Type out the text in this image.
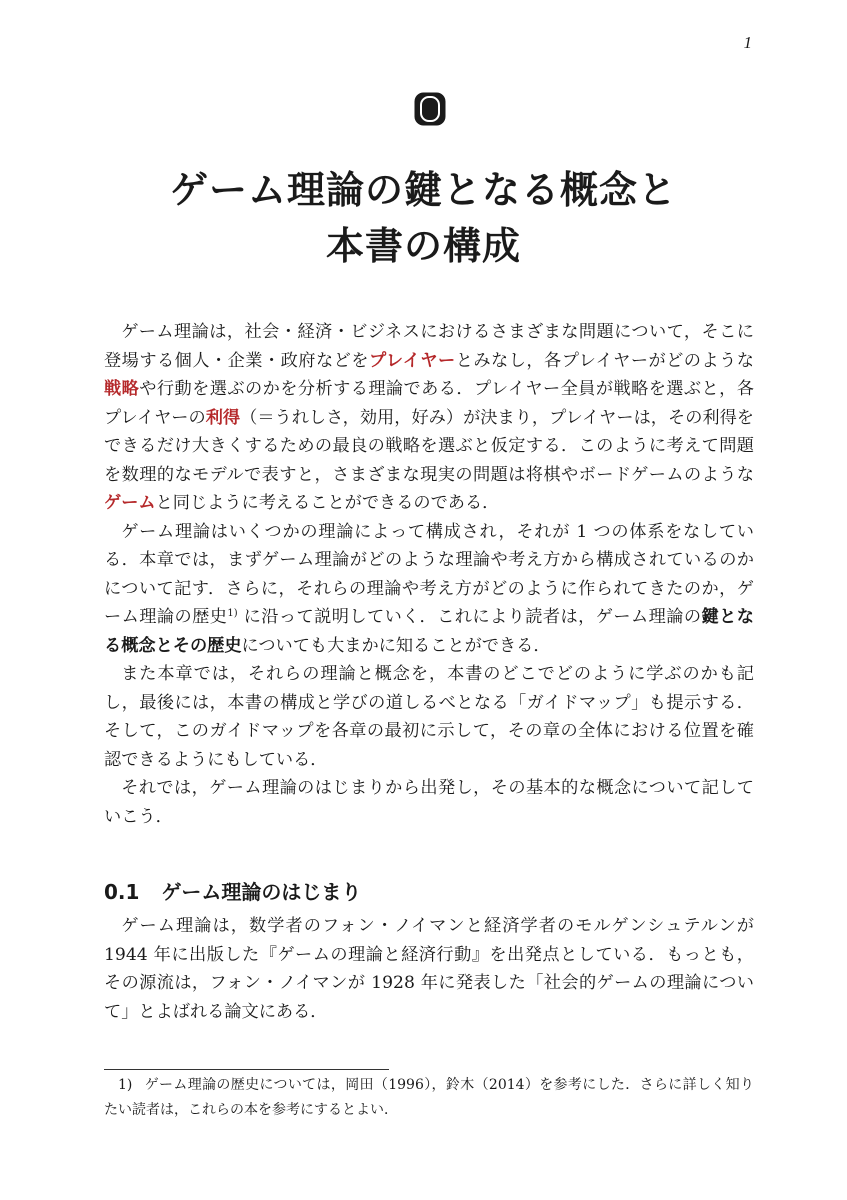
1
0
ゲーム理論の鍵となる概念と
本書の構成

ゲーム理論は，社会・経済・ビジネスにおけるさまざまな問題について，そこに登場する個人・企業・政府などをプレイヤーとみなし，各プレイヤーがどのような戦略や行動を選ぶのかを分析する理論である．プレイヤー全員が戦略を選ぶと，各プレイヤーの利得（＝うれしさ，効用，好み）が決まり，プレイヤーは，その利得をできるだけ大きくするための最良の戦略を選ぶと仮定する．このように考えて問題を数理的なモデルで表すと，さまざまな現実の問題は将棋やボードゲームのようなゲームと同じように考えることができるのである．

ゲーム理論はいくつかの理論によって構成され，それが 1 つの体系をなしている．本章では，まずゲーム理論がどのような理論や考え方から構成されているのかについて記す．さらに，それらの理論や考え方がどのように作られてきたのか，ゲーム理論の歴史$^{1)}$ に沿って説明していく．これにより読者は，ゲーム理論の鍵となる概念とその歴史についても大まかに知ることができる．

また本章では，それらの理論と概念を，本書のどこでどのように学ぶのかも記し，最後には，本書の構成と学びの道しるべとなる「ガイドマップ」も提示する．そして，このガイドマップを各章の最初に示して，その章の全体における位置を確認できるようにもしている．

それでは，ゲーム理論のはじまりから出発し，その基本的な概念について記していこう．

0.1 ゲーム理論のはじまり

ゲーム理論は，数学者のフォン・ノイマンと経済学者のモルゲンシュテルンが 1944 年に出版した『ゲームの理論と経済行動』を出発点としている．もっとも，その源流は，フォン・ノイマンが 1928 年に発表した「社会的ゲームの理論について」とよばれる論文にある．

1) ゲーム理論の歴史については，岡田（1996），鈴木（2014）を参考にした．さらに詳しく知りたい読者は，これらの本を参考にするとよい．
